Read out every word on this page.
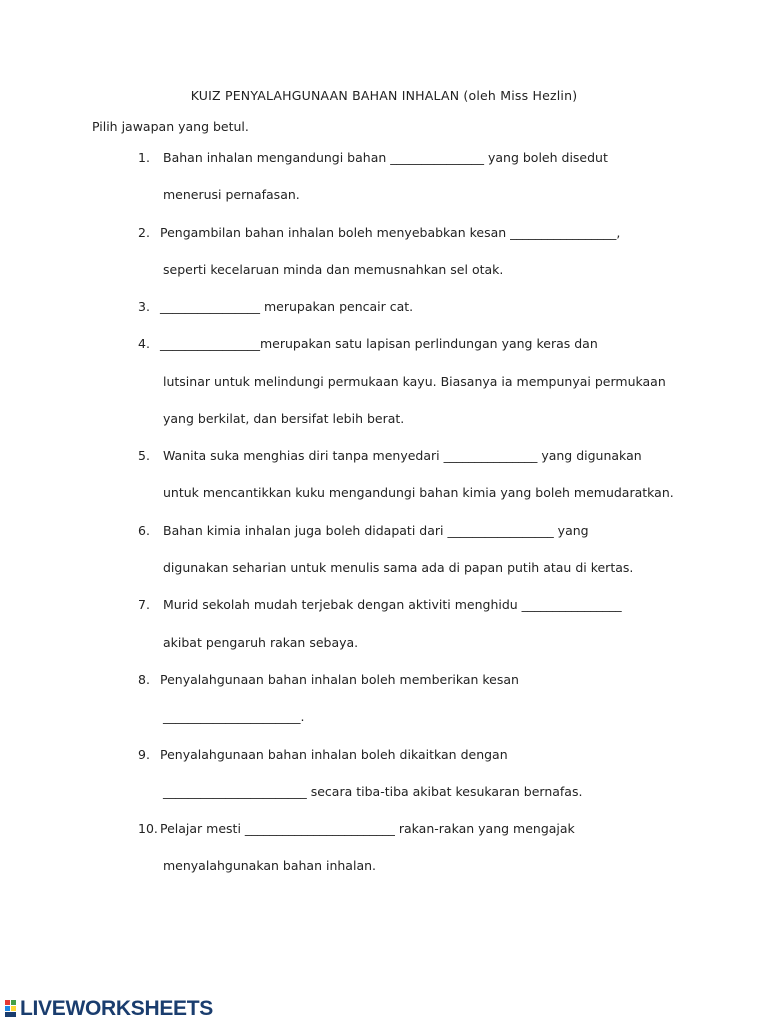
KUIZ PENYALAHGUNAAN BAHAN INHALAN (oleh Miss Hezlin)
Pilih jawapan yang betul.
1. Bahan inhalan mengandungi bahan _______________ yang boleh disedut
menerusi pernafasan.
2. Pengambilan bahan inhalan boleh menyebabkan kesan _________________,
seperti kecelaruan minda dan memusnahkan sel otak.
3. ________________ merupakan pencair cat.
4. ________________merupakan satu lapisan perlindungan yang keras dan
lutsinar untuk melindungi permukaan kayu. Biasanya ia mempunyai permukaan
yang berkilat, dan bersifat lebih berat.
5. Wanita suka menghias diri tanpa menyedari _______________ yang digunakan
untuk mencantikkan kuku mengandungi bahan kimia yang boleh memudaratkan.
6. Bahan kimia inhalan juga boleh didapati dari _________________ yang
digunakan seharian untuk menulis sama ada di papan putih atau di kertas.
7. Murid sekolah mudah terjebak dengan aktiviti menghidu ________________
akibat pengaruh rakan sebaya.
8. Penyalahgunaan bahan inhalan boleh memberikan kesan
______________________.
9. Penyalahgunaan bahan inhalan boleh dikaitkan dengan
_______________________ secara tiba-tiba akibat kesukaran bernafas.
10. Pelajar mesti ________________________ rakan-rakan yang mengajak
menyalahgunakan bahan inhalan.
LIVEWORKSHEETS
